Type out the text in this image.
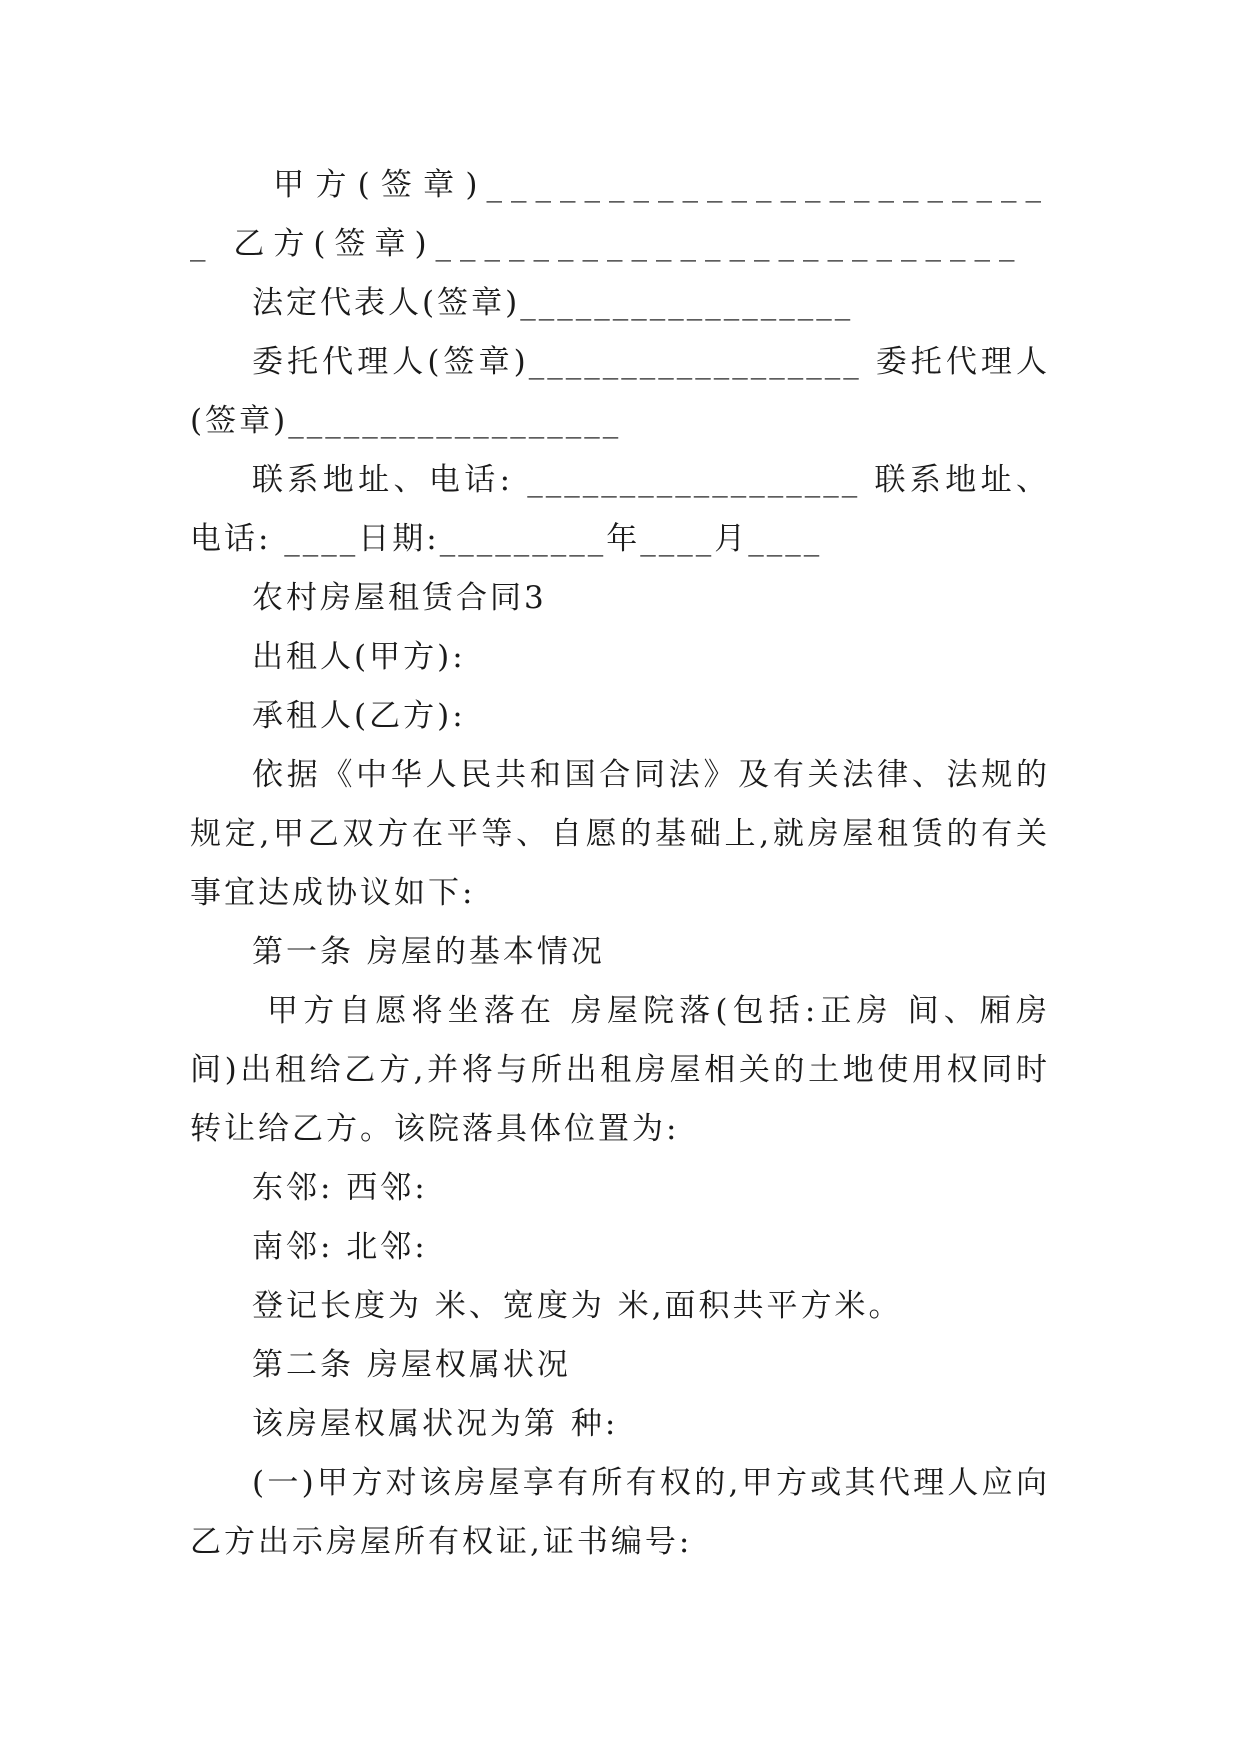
甲方(签章)________________________ 乙方(签章)________________________

法定代表人(签章)__________________

委托代理人(签章)__________________ 委托代理人(签章)__________________

联系地址、电话: __________________ 联系地址、电话: ____日期:_________年____月____

农村房屋租赁合同3

出租人(甲方):

承租人(乙方):

依据《中华人民共和国合同法》及有关法律、法规的规定,甲乙双方在平等、自愿的基础上,就房屋租赁的有关事宜达成协议如下:

第一条 房屋的基本情况

甲方自愿将坐落在 房屋院落(包括:正房 间、厢房 间)出租给乙方,并将与所出租房屋相关的土地使用权同时转让给乙方。该院落具体位置为:

东邻: 西邻:

南邻: 北邻:

登记长度为 米、宽度为 米,面积共平方米。

第二条 房屋权属状况

该房屋权属状况为第 种:

(一)甲方对该房屋享有所有权的,甲方或其代理人应向乙方出示房屋所有权证,证书编号:
